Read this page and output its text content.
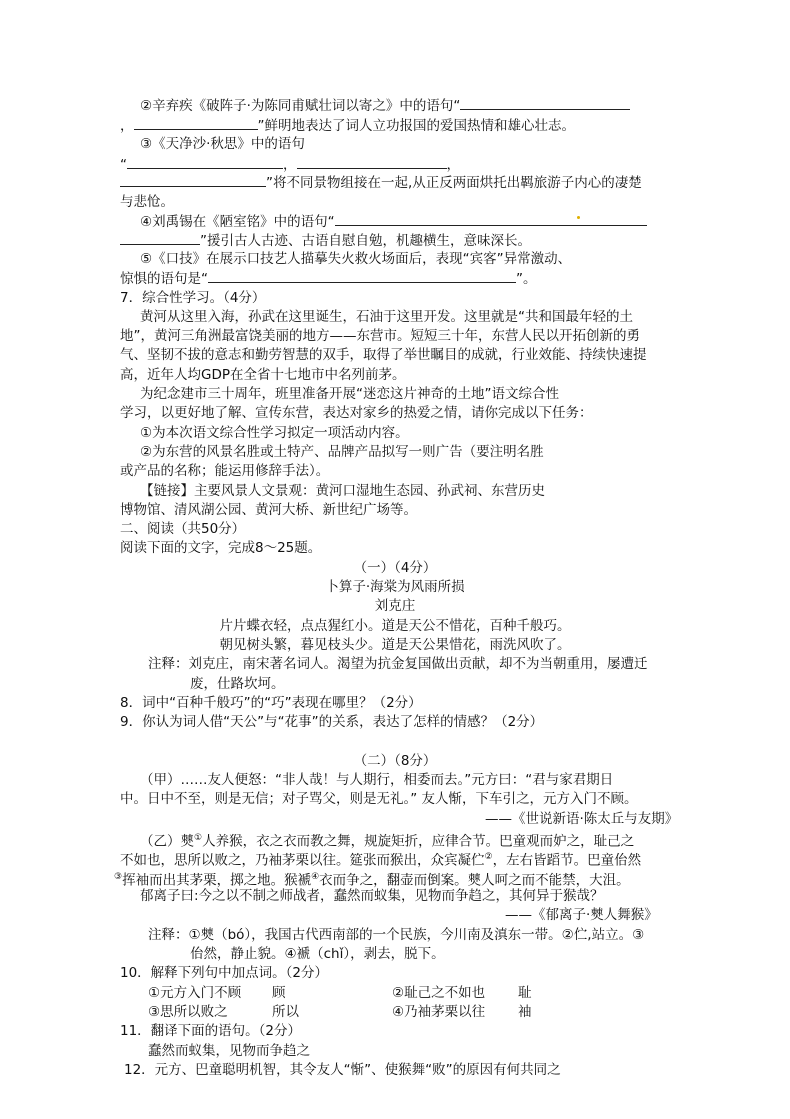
②辛弃疾《破阵子·为陈同甫赋壮词以寄之》中的语句“
，	”鲜明地表达了词人立功报国的爱国热情和雄心壮志。
③《天净沙·秋思》中的语句
“	，	，
”将不同景物组接在一起,从正反两面烘托出羁旅游子内心的凄楚
与悲怆。
④刘禹锡在《陋室铭》中的语句“
”援引古人古迹、古语自慰自勉，机趣横生，意味深长。
⑤《口技》在展示口技艺人描摹失火救火场面后，表现“宾客”异常激动、
惊惧的语句是“	”。
7．综合性学习。（4分）
黄河从这里入海，孙武在这里诞生，石油于这里开发。这里就是“共和国最年轻的土
地”，黄河三角洲最富饶美丽的地方——东营市。短短三十年，东营人民以开拓创新的勇
气、坚韧不拔的意志和勤劳智慧的双手，取得了举世瞩目的成就，行业效能、持续快速提
高，近年人均GDP在全省十七地市中名列前茅。
为纪念建市三十周年，班里准备开展“迷恋这片神奇的土地”语文综合性
学习，以更好地了解、宣传东营，表达对家乡的热爱之情，请你完成以下任务：
①为本次语文综合性学习拟定一项活动内容。
②为东营的风景名胜或土特产、品牌产品拟写一则广告（要注明名胜
或产品的名称；能运用修辞手法）。
【链接】主要风景人文景观：黄河口湿地生态园、孙武祠、东营历史
博物馆、清风湖公园、黄河大桥、新世纪广场等。
二、阅读（共50分）
阅读下面的文字，完成8～25题。
（一）（4分）
卜算子·海棠为风雨所损
刘克庄
片片蝶衣轻，点点猩红小。道是天公不惜花，百种千般巧。
朝见树头繁，暮见枝头少。道是天公果惜花，雨洗风吹了。
注释：刘克庄，南宋著名词人。渴望为抗金复国做出贡献，却不为当朝重用，屡遭迁
废，仕路坎坷。
8．词中“百种千般巧”的“巧”表现在哪里？（2分）
9．你认为词人借“天公”与“花事”的关系，表达了怎样的情感？（2分）
（二）（8分）
（甲）……友人便怒：“非人哉！与人期行，相委而去。”元方曰：“君与家君期日
中。日中不至，则是无信；对子骂父，则是无礼。” 友人惭，下车引之，元方入门不顾。
——《世说新语·陈太丘与友期》
（乙）僰①人养猴，衣之衣而教之舞，规旋矩折，应律合节。巴童观而妒之，耻己之
不如也，思所以败之，乃袖茅栗以往。筵张而猴出，众宾凝伫②，左右皆蹈节。巴童佁然
③挥袖而出其茅栗，掷之地。猴褫④衣而争之，翻壶而倒案。僰人呵之而不能禁，大沮。
郁离子曰:今之以不制之师战者，蠢然而蚁集，见物而争趋之，其何异于猴哉？
——《郁离子·僰人舞猴》
注释：①僰（bó），我国古代西南部的一个民族，今川南及滇东一带。②伫,站立。③
佁然，静止貌。④褫（chǐ），剥去，脱下。
10．解释下列句中加点词。（2分）
①元方入门不顾 顾	②耻己之不如也 耻
③思所以败之	所以	④乃袖茅栗以往 袖
11．翻译下面的语句。（2分）
蠢然而蚁集，见物而争趋之
12．元方、巴童聪明机智，其令友人“惭”、使猴舞“败”的原因有何共同之
